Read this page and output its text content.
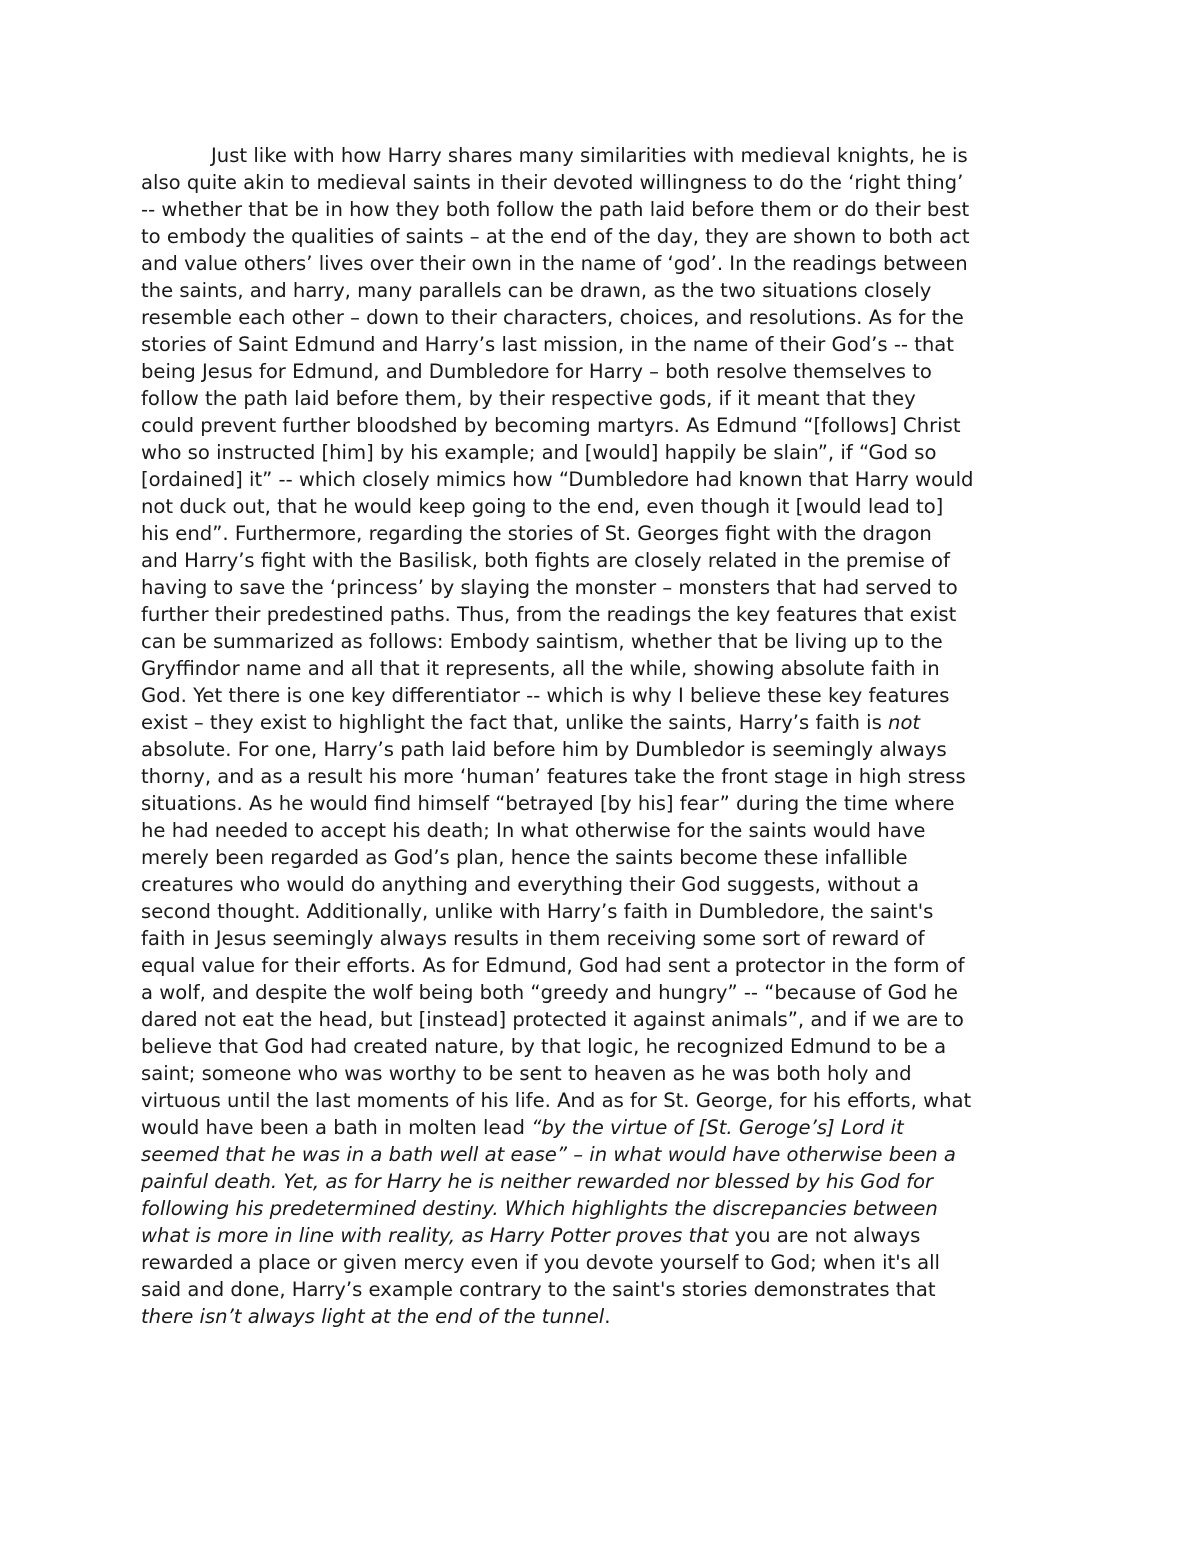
Just like with how Harry shares many similarities with medieval knights, he is
also quite akin to medieval saints in their devoted willingness to do the ‘right thing’
-- whether that be in how they both follow the path laid before them or do their best
to embody the qualities of saints – at the end of the day, they are shown to both act
and value others’ lives over their own in the name of ‘god’. In the readings between
the saints, and harry, many parallels can be drawn, as the two situations closely
resemble each other – down to their characters, choices, and resolutions. As for the
stories of Saint Edmund and Harry’s last mission, in the name of their God’s -- that
being Jesus for Edmund, and Dumbledore for Harry – both resolve themselves to
follow the path laid before them, by their respective gods, if it meant that they
could prevent further bloodshed by becoming martyrs. As Edmund “[follows] Christ
who so instructed [him] by his example; and [would] happily be slain”, if “God so
[ordained] it” -- which closely mimics how “Dumbledore had known that Harry would
not duck out, that he would keep going to the end, even though it [would lead to]
his end”. Furthermore, regarding the stories of St. Georges fight with the dragon
and Harry’s fight with the Basilisk, both fights are closely related in the premise of
having to save the ‘princess’ by slaying the monster – monsters that had served to
further their predestined paths. Thus, from the readings the key features that exist
can be summarized as follows: Embody saintism, whether that be living up to the
Gryffindor name and all that it represents, all the while, showing absolute faith in
God. Yet there is one key differentiator -- which is why I believe these key features
exist – they exist to highlight the fact that, unlike the saints, Harry’s faith is not
absolute. For one, Harry’s path laid before him by Dumbledor is seemingly always
thorny, and as a result his more ‘human’ features take the front stage in high stress
situations. As he would find himself “betrayed [by his] fear” during the time where
he had needed to accept his death; In what otherwise for the saints would have
merely been regarded as God’s plan, hence the saints become these infallible
creatures who would do anything and everything their God suggests, without a
second thought. Additionally, unlike with Harry’s faith in Dumbledore, the saint's
faith in Jesus seemingly always results in them receiving some sort of reward of
equal value for their efforts. As for Edmund, God had sent a protector in the form of
a wolf, and despite the wolf being both “greedy and hungry” -- “because of God he
dared not eat the head, but [instead] protected it against animals”, and if we are to
believe that God had created nature, by that logic, he recognized Edmund to be a
saint; someone who was worthy to be sent to heaven as he was both holy and
virtuous until the last moments of his life. And as for St. George, for his efforts, what
would have been a bath in molten lead “by the virtue of [St. Geroge’s] Lord it
seemed that he was in a bath well at ease” – in what would have otherwise been a
painful death. Yet, as for Harry he is neither rewarded nor blessed by his God for
following his predetermined destiny. Which highlights the discrepancies between
what is more in line with reality, as Harry Potter proves that you are not always
rewarded a place or given mercy even if you devote yourself to God; when it's all
said and done, Harry’s example contrary to the saint's stories demonstrates that
there isn’t always light at the end of the tunnel.
